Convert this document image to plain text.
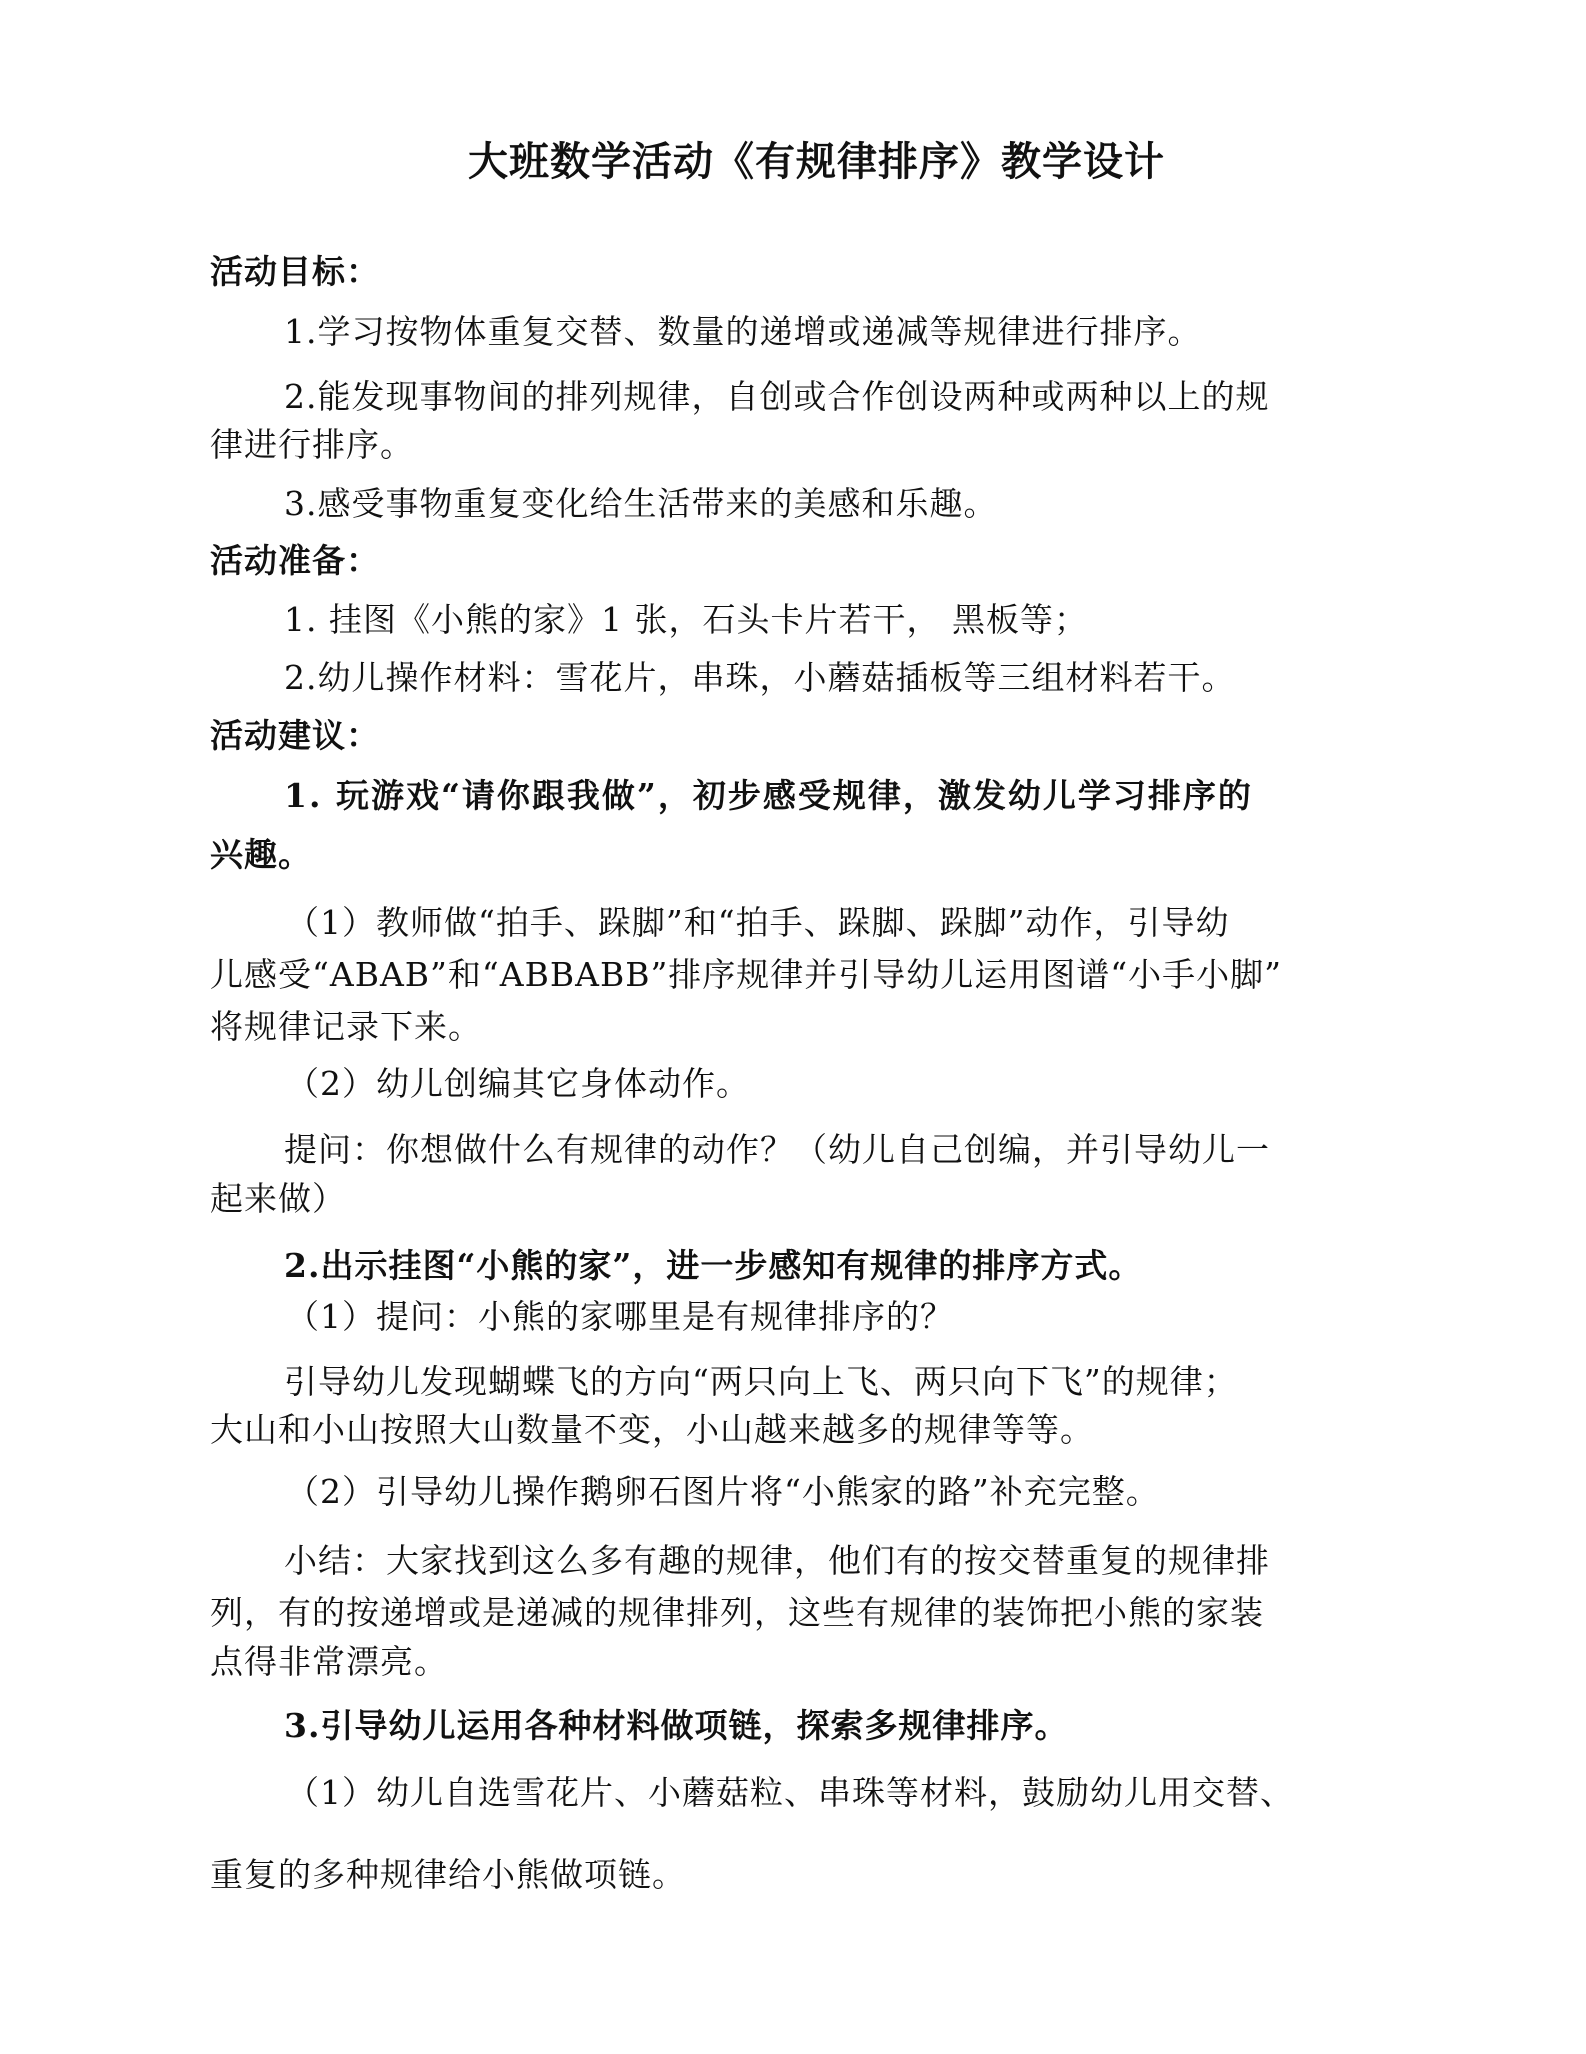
大班数学活动《有规律排序》教学设计
活动目标：
1.学习按物体重复交替、数量的递增或递减等规律进行排序。
2.能发现事物间的排列规律，自创或合作创设两种或两种以上的规
律进行排序。
3.感受事物重复变化给生活带来的美感和乐趣。
活动准备：
1. 挂图《小熊的家》1 张，石头卡片若干， 黑板等；
2.幼儿操作材料：雪花片，串珠，小蘑菇插板等三组材料若干。
活动建议：
1. 玩游戏“请你跟我做”，初步感受规律，激发幼儿学习排序的
兴趣。
（1）教师做“拍手、跺脚”和“拍手、跺脚、跺脚”动作，引导幼
儿感受“ABAB”和“ABBABB”排序规律并引导幼儿运用图谱“小手小脚”
将规律记录下来。
（2）幼儿创编其它身体动作。
提问：你想做什么有规律的动作？（幼儿自己创编，并引导幼儿一
起来做）
2.出示挂图“小熊的家”，进一步感知有规律的排序方式。
（1）提问：小熊的家哪里是有规律排序的？
引导幼儿发现蝴蝶飞的方向“两只向上飞、两只向下飞”的规律；
大山和小山按照大山数量不变，小山越来越多的规律等等。
（2）引导幼儿操作鹅卵石图片将“小熊家的路”补充完整。
小结：大家找到这么多有趣的规律，他们有的按交替重复的规律排
列，有的按递增或是递减的规律排列，这些有规律的装饰把小熊的家装
点得非常漂亮。
3.引导幼儿运用各种材料做项链，探索多规律排序。
（1）幼儿自选雪花片、小蘑菇粒、串珠等材料，鼓励幼儿用交替、
重复的多种规律给小熊做项链。
